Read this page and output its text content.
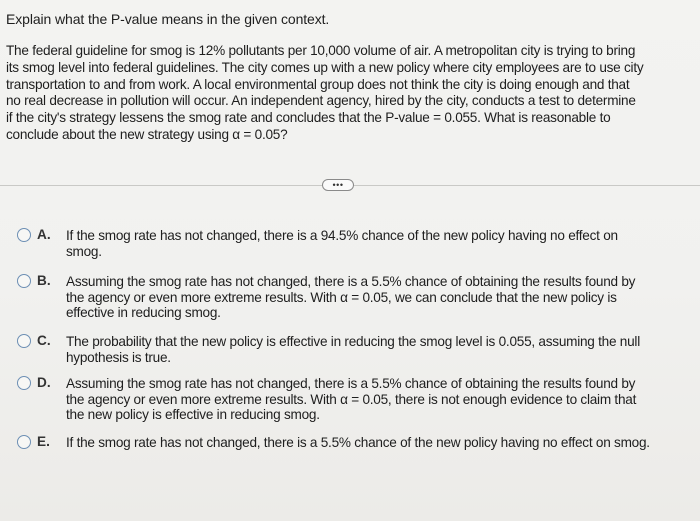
Explain what the P-value means in the given context.
The federal guideline for smog is 12% pollutants per 10,000 volume of air. A metropolitan city is trying to bring
its smog level into federal guidelines. The city comes up with a new policy where city employees are to use city
transportation to and from work. A local environmental group does not think the city is doing enough and that
no real decrease in pollution will occur. An independent agency, hired by the city, conducts a test to determine
if the city's strategy lessens the smog rate and concludes that the P-value = 0.055. What is reasonable to
conclude about the new strategy using α = 0.05?
•••
A. If the smog rate has not changed, there is a 94.5% chance of the new policy having no effect on
smog.
B. Assuming the smog rate has not changed, there is a 5.5% chance of obtaining the results found by
the agency or even more extreme results. With α = 0.05, we can conclude that the new policy is
effective in reducing smog.
C. The probability that the new policy is effective in reducing the smog level is 0.055, assuming the null
hypothesis is true.
D. Assuming the smog rate has not changed, there is a 5.5% chance of obtaining the results found by
the agency or even more extreme results. With α = 0.05, there is not enough evidence to claim that
the new policy is effective in reducing smog.
E. If the smog rate has not changed, there is a 5.5% chance of the new policy having no effect on smog.
